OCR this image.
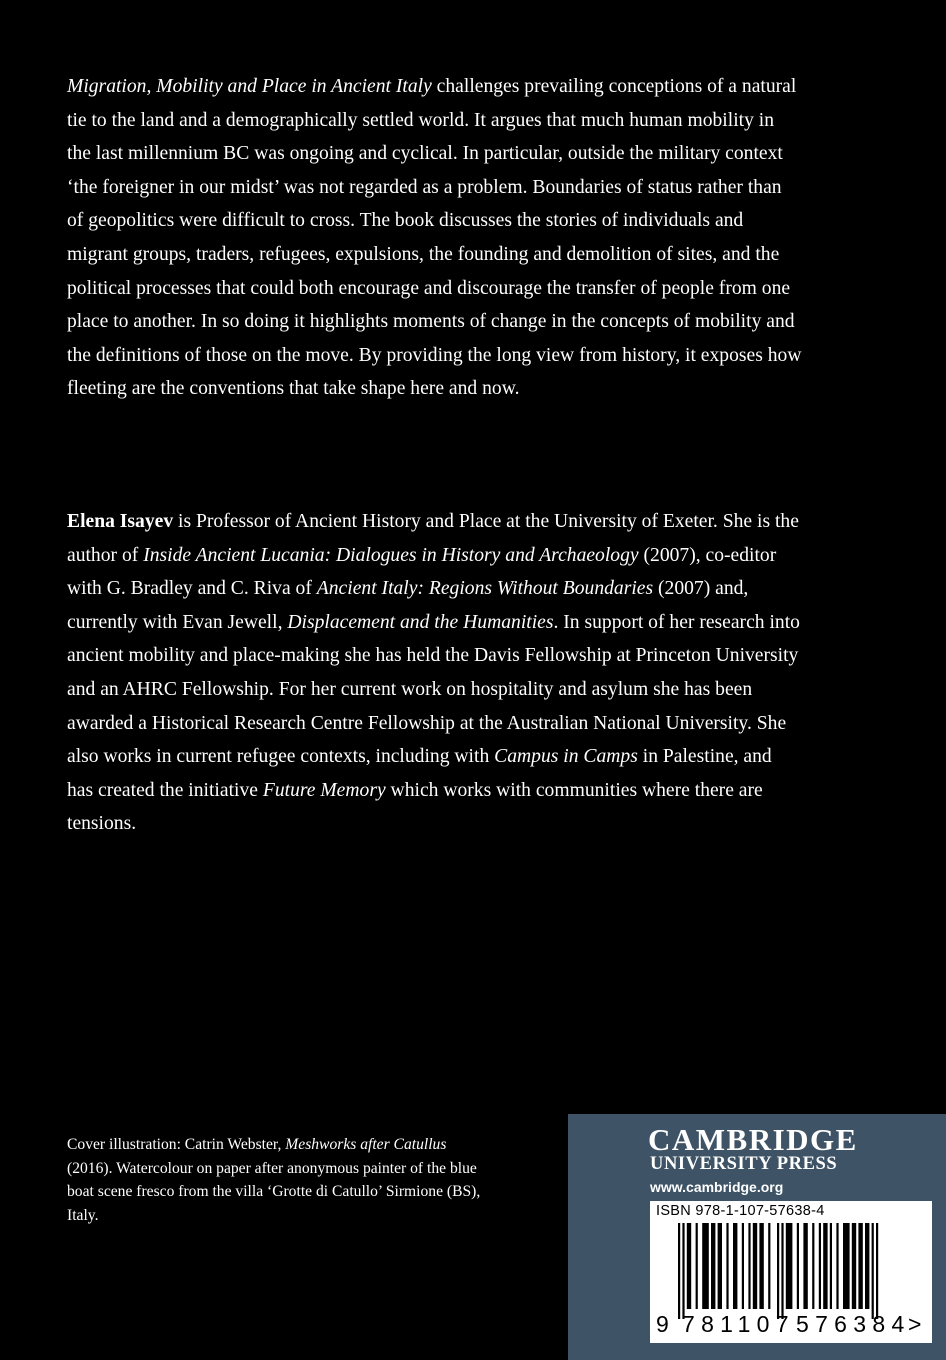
Migration, Mobility and Place in Ancient Italy challenges prevailing conceptions of a natural tie to the land and a demographically settled world. It argues that much human mobility in the last millennium BC was ongoing and cyclical. In particular, outside the military context ‘the foreigner in our midst’ was not regarded as a problem. Boundaries of status rather than of geopolitics were difficult to cross. The book discusses the stories of individuals and migrant groups, traders, refugees, expulsions, the founding and demolition of sites, and the political processes that could both encourage and discourage the transfer of people from one place to another. In so doing it highlights moments of change in the concepts of mobility and the definitions of those on the move. By providing the long view from history, it exposes how fleeting are the conventions that take shape here and now.

Elena Isayev is Professor of Ancient History and Place at the University of Exeter. She is the author of Inside Ancient Lucania: Dialogues in History and Archaeology (2007), co-editor with G. Bradley and C. Riva of Ancient Italy: Regions Without Boundaries (2007) and, currently with Evan Jewell, Displacement and the Humanities. In support of her research into ancient mobility and place-making she has held the Davis Fellowship at Princeton University and an AHRC Fellowship. For her current work on hospitality and asylum she has been awarded a Historical Research Centre Fellowship at the Australian National University. She also works in current refugee contexts, including with Campus in Camps in Palestine, and has created the initiative Future Memory which works with communities where there are tensions.

Cover illustration: Catrin Webster, Meshworks after Catullus (2016). Watercolour on paper after anonymous painter of the blue boat scene fresco from the villa ‘Grotte di Catullo’ Sirmione (BS), Italy.

CAMBRIDGE
UNIVERSITY PRESS
www.cambridge.org
ISBN 978-1-107-57638-4
9 781107 576384
>
